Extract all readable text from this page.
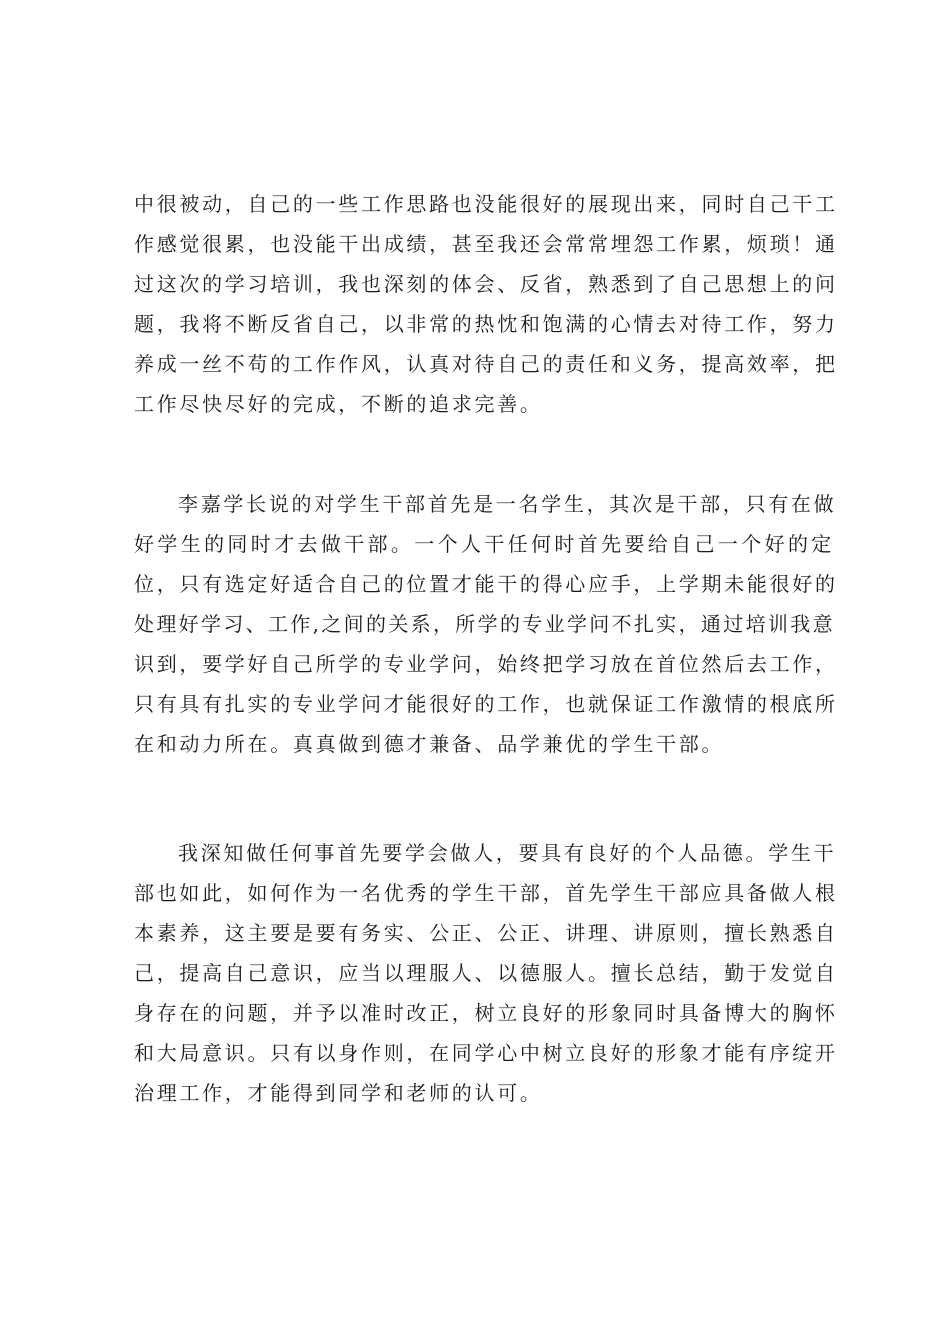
中很被动，自己的一些工作思路也没能很好的展现出来，同时自己干工
作感觉很累，也没能干出成绩，甚至我还会常常埋怨工作累，烦琐！通
过这次的学习培训，我也深刻的体会、反省，熟悉到了自己思想上的问
题，我将不断反省自己，以非常的热忱和饱满的心情去对待工作，努力
养成一丝不苟的工作作风，认真对待自己的责任和义务，提高效率，把
工作尽快尽好的完成，不断的追求完善。
李嘉学长说的对学生干部首先是一名学生，其次是干部，只有在做
好学生的同时才去做干部。一个人干任何时首先要给自己一个好的定
位，只有选定好适合自己的位置才能干的得心应手，上学期未能很好的
处理好学习、工作,之间的关系，所学的专业学问不扎实，通过培训我意
识到，要学好自己所学的专业学问，始终把学习放在首位然后去工作，
只有具有扎实的专业学问才能很好的工作，也就保证工作激情的根底所
在和动力所在。真真做到德才兼备、品学兼优的学生干部。
我深知做任何事首先要学会做人，要具有良好的个人品德。学生干
部也如此，如何作为一名优秀的学生干部，首先学生干部应具备做人根
本素养，这主要是要有务实、公正、公正、讲理、讲原则，擅长熟悉自
己，提高自己意识，应当以理服人、以德服人。擅长总结，勤于发觉自
身存在的问题，并予以准时改正，树立良好的形象同时具备博大的胸怀
和大局意识。只有以身作则，在同学心中树立良好的形象才能有序绽开
治理工作，才能得到同学和老师的认可。
